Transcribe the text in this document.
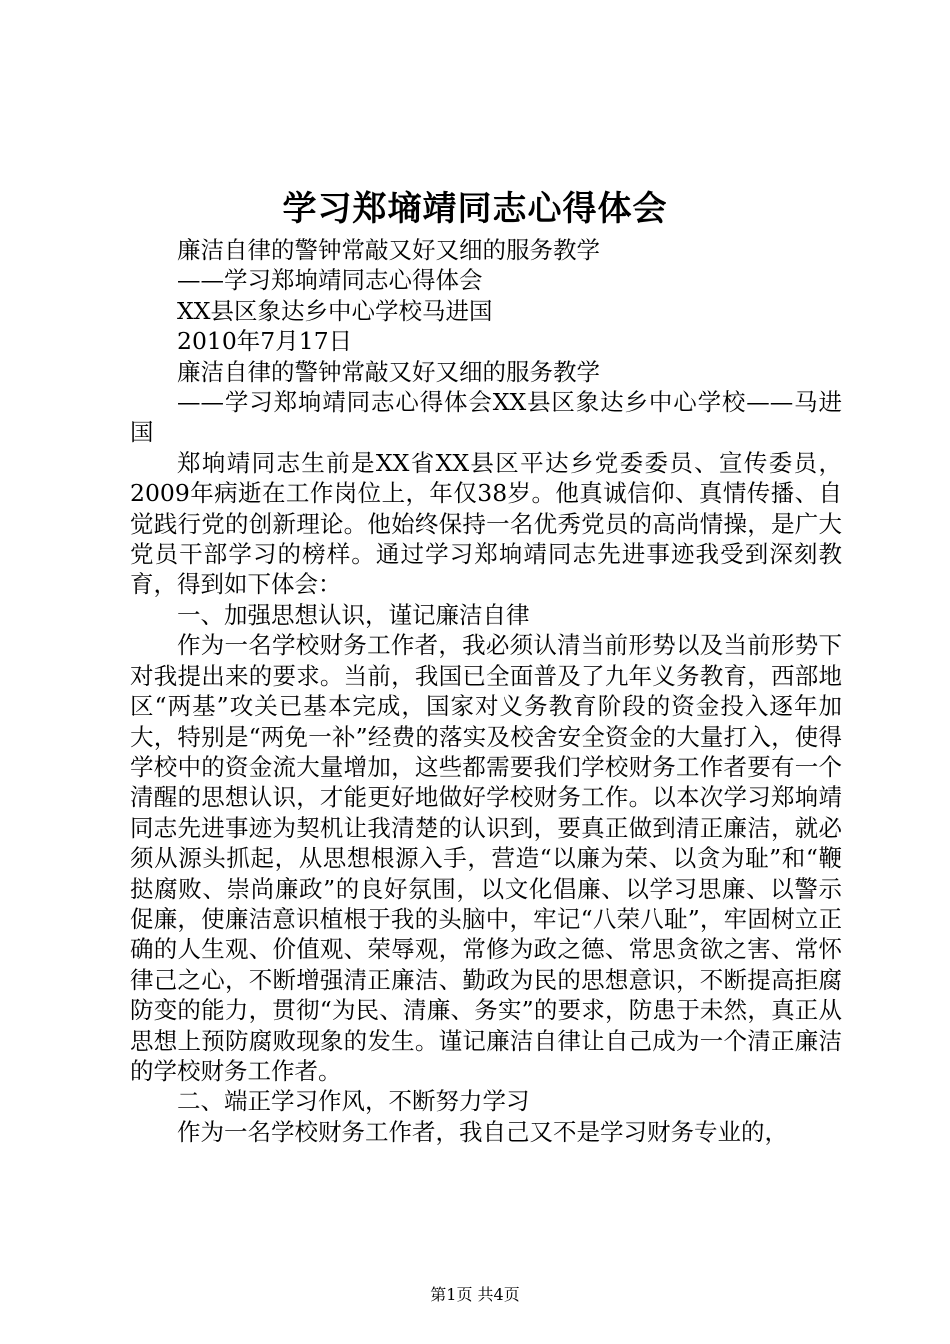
学习郑墒靖同志心得体会

廉洁自律的警钟常敲又好又细的服务教学

——学习郑垧靖同志心得体会

XX县区象达乡中心学校马进国

2010年7月17日

廉洁自律的警钟常敲又好又细的服务教学

——学习郑垧靖同志心得体会XX县区象达乡中心学校——马进国

郑垧靖同志生前是XX省XX县区平达乡党委委员、宣传委员，2009年病逝在工作岗位上，年仅38岁。他真诚信仰、真情传播、自觉践行党的创新理论。他始终保持一名优秀党员的高尚情操，是广大党员干部学习的榜样。通过学习郑垧靖同志先进事迹我受到深刻教育，得到如下体会：

一、加强思想认识，谨记廉洁自律

作为一名学校财务工作者，我必须认清当前形势以及当前形势下对我提出来的要求。当前，我国已全面普及了九年义务教育，西部地区“两基”攻关已基本完成，国家对义务教育阶段的资金投入逐年加大，特别是“两免一补”经费的落实及校舍安全资金的大量打入，使得学校中的资金流大量增加，这些都需要我们学校财务工作者要有一个清醒的思想认识，才能更好地做好学校财务工作。以本次学习郑垧靖同志先进事迹为契机让我清楚的认识到，要真正做到清正廉洁，就必须从源头抓起，从思想根源入手，营造“以廉为荣、以贪为耻”和“鞭挞腐败、崇尚廉政”的良好氛围，以文化倡廉、以学习思廉、以警示促廉，使廉洁意识植根于我的头脑中，牢记“八荣八耻”，牢固树立正确的人生观、价值观、荣辱观，常修为政之德、常思贪欲之害、常怀律己之心，不断增强清正廉洁、勤政为民的思想意识，不断提高拒腐防变的能力，贯彻“为民、清廉、务实”的要求，防患于未然，真正从思想上预防腐败现象的发生。谨记廉洁自律让自己成为一个清正廉洁的学校财务工作者。

二、端正学习作风，不断努力学习

作为一名学校财务工作者，我自己又不是学习财务专业的，

第1页 共4页
